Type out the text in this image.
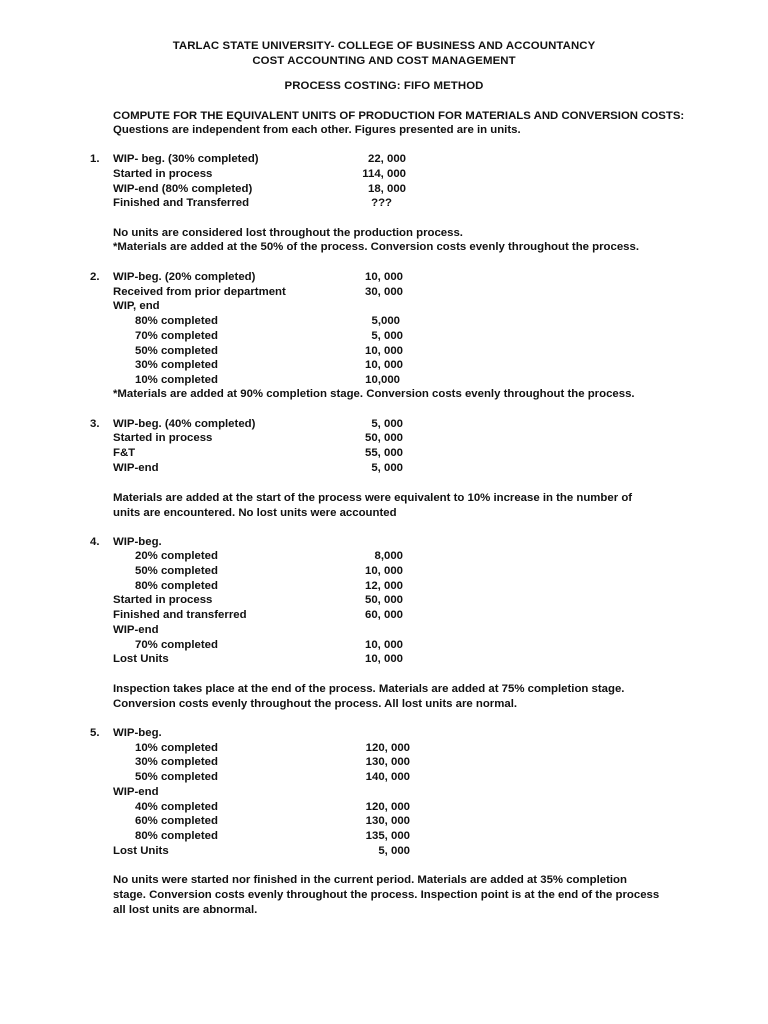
TARLAC STATE UNIVERSITY- COLLEGE OF BUSINESS AND ACCOUNTANCY
COST ACCOUNTING AND COST MANAGEMENT
PROCESS COSTING: FIFO METHOD
COMPUTE FOR THE EQUIVALENT UNITS OF PRODUCTION FOR MATERIALS AND CONVERSION COSTS:
Questions are independent from each other. Figures presented are in units.
1. WIP- beg. (30% completed)	22, 000
Started in process	114, 000
WIP-end (80% completed)	18, 000
Finished and Transferred	???
No units are considered lost throughout the production process.
*Materials are added at the 50% of the process. Conversion costs evenly throughout the process.
2. WIP-beg. (20% completed)	10, 000
Received from prior department	30, 000
WIP, end
80% completed	5,000
70% completed	5, 000
50% completed	10, 000
30% completed	10, 000
10% completed	10,000
*Materials are added at 90% completion stage. Conversion costs evenly throughout the process.
3. WIP-beg. (40% completed)	5, 000
Started in process	50, 000
F&T	55, 000
WIP-end	5, 000
Materials are added at the start of the process were equivalent to 10% increase in the number of
units are encountered. No lost units were accounted
4. WIP-beg.
20% completed	8,000
50% completed	10, 000
80% completed	12, 000
Started in process	50, 000
Finished and transferred	60, 000
WIP-end
70% completed	10, 000
Lost Units	10, 000
Inspection takes place at the end of the process. Materials are added at 75% completion stage.
Conversion costs evenly throughout the process. All lost units are normal.
5. WIP-beg.
10% completed	120, 000
30% completed	130, 000
50% completed	140, 000
WIP-end
40% completed	120, 000
60% completed	130, 000
80% completed	135, 000
Lost Units	5, 000
No units were started nor finished in the current period. Materials are added at 35% completion
stage. Conversion costs evenly throughout the process. Inspection point is at the end of the process
all lost units are abnormal.
